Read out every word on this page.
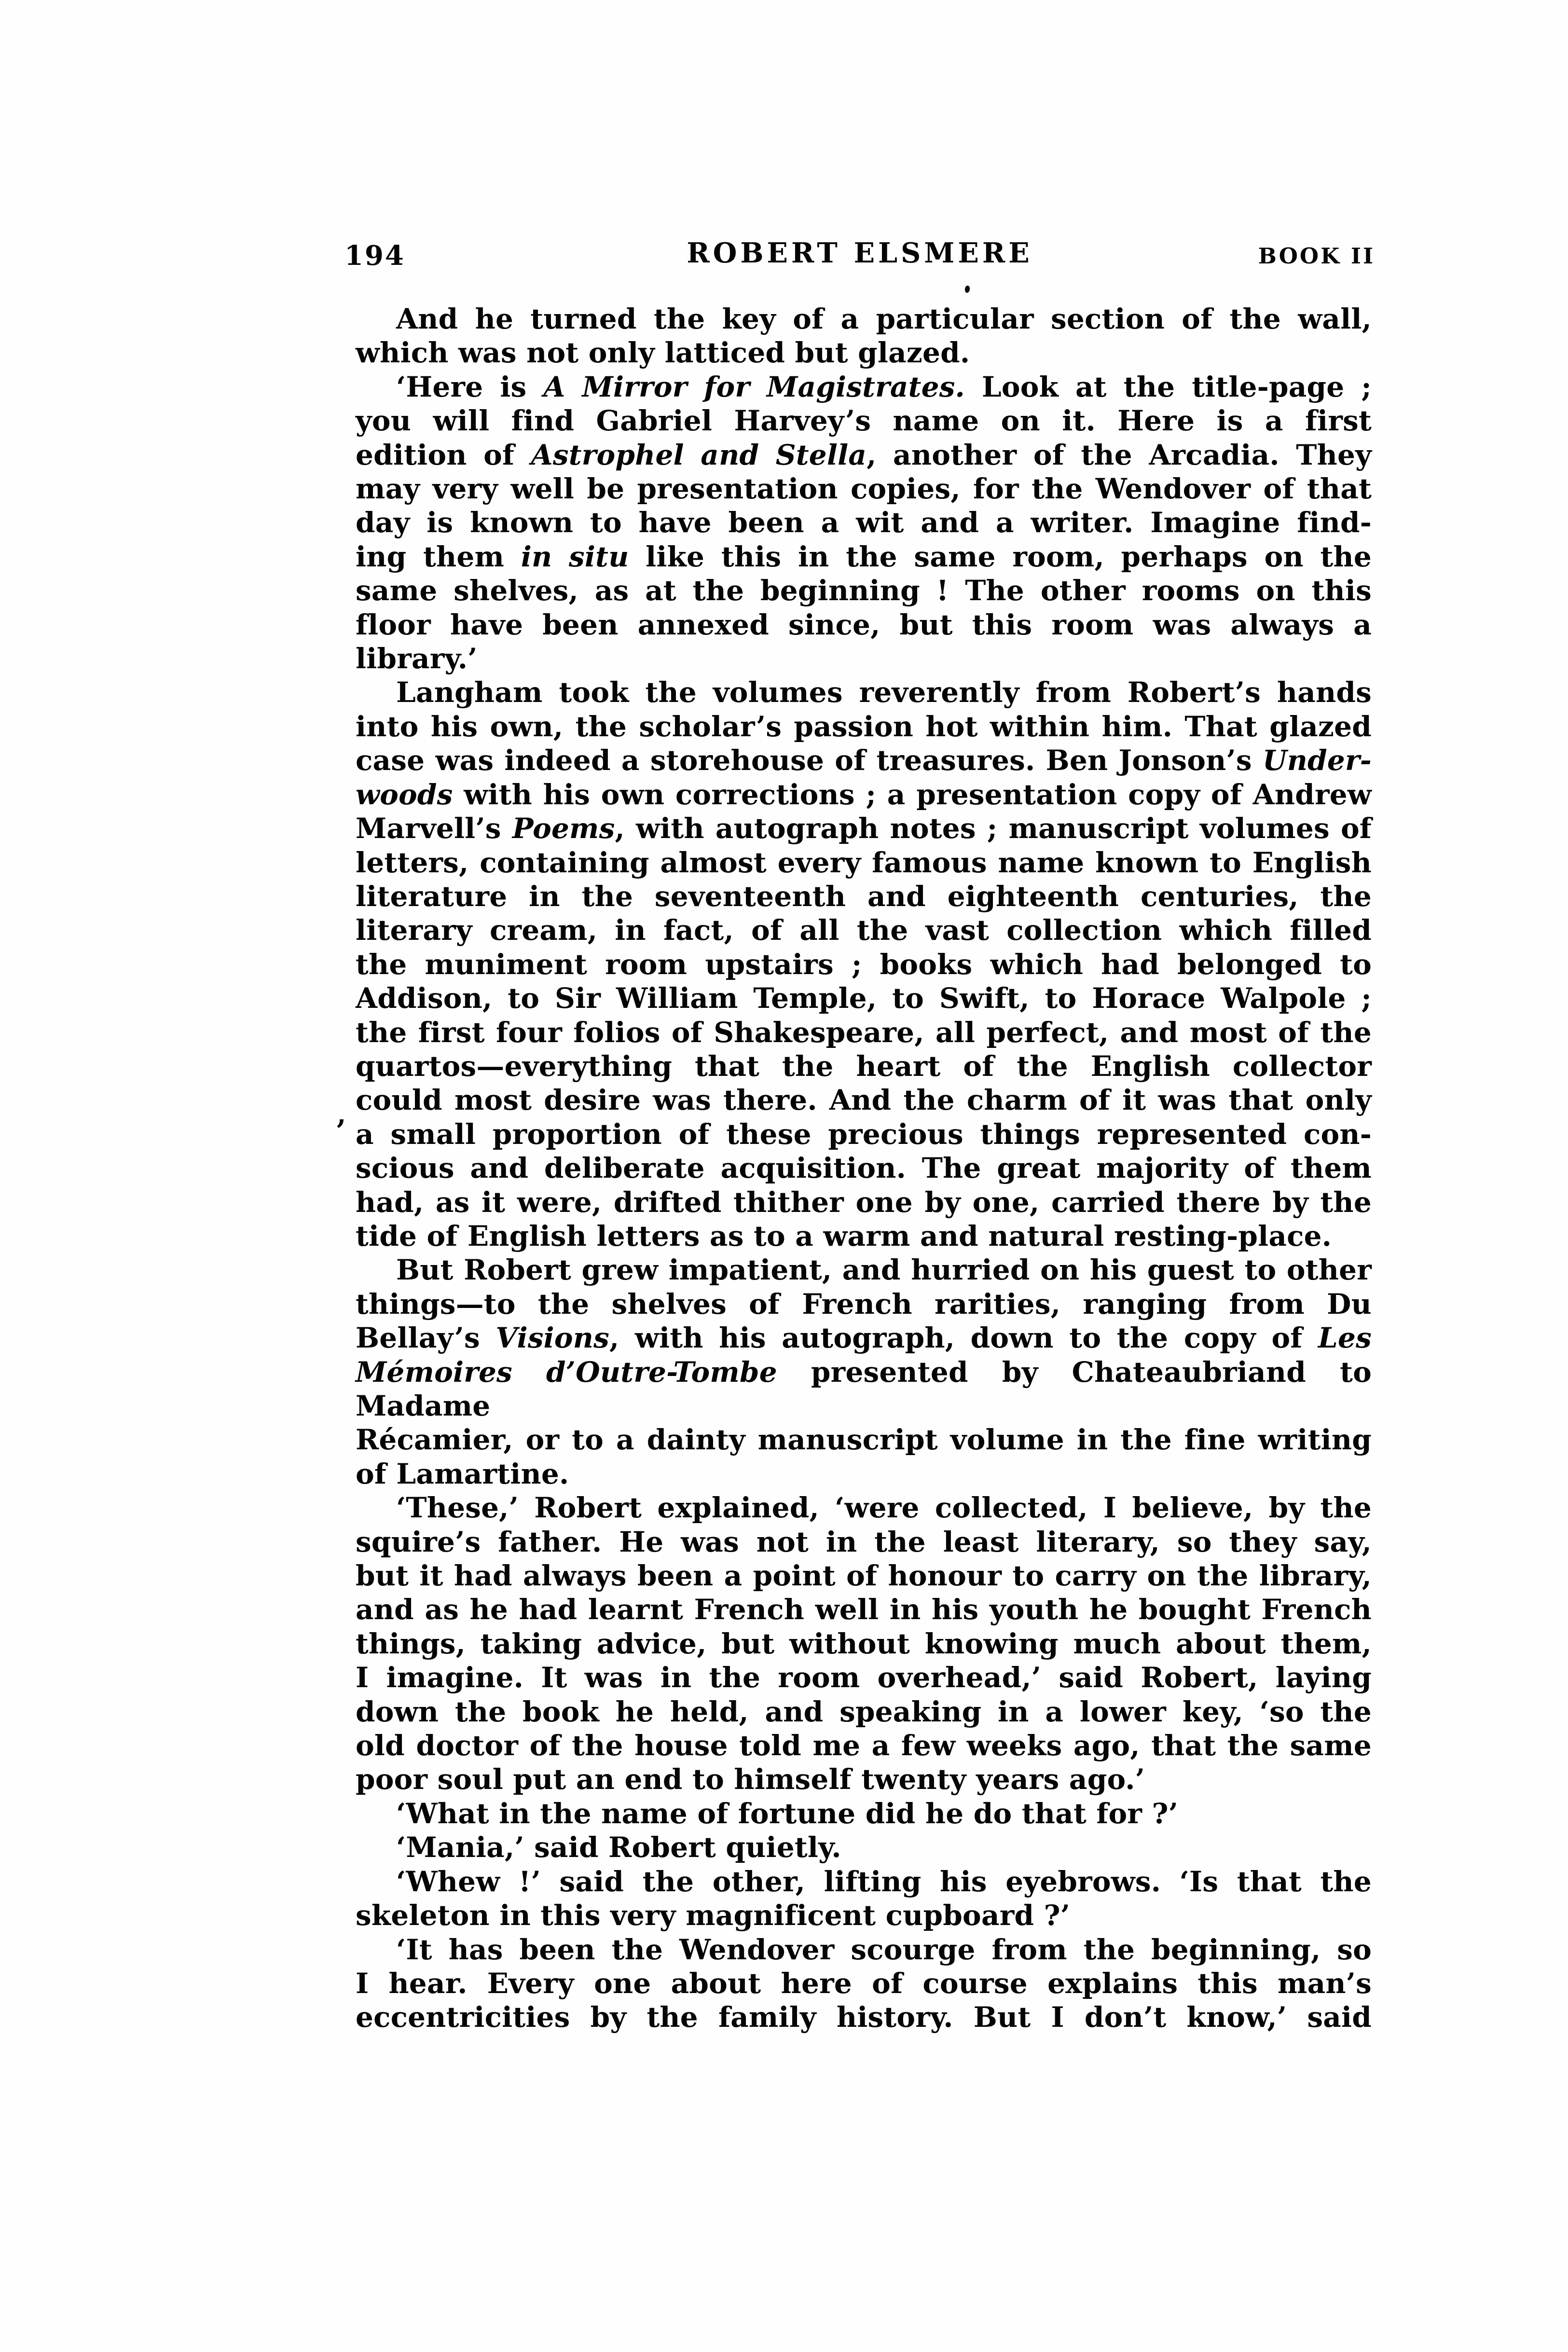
194	ROBERT ELSMERE	BOOK II
,
And he turned the key of a particular section of the wall,
which was not only latticed but glazed.
‘Here is A Mirror for Magistrates. Look at the title-page ;
you will find Gabriel Harvey’s name on it. Here is a first
edition of Astrophel and Stella, another of the Arcadia. They
may very well be presentation copies, for the Wendover of that
day is known to have been a wit and a writer. Imagine find-
ing them in situ like this in the same room, perhaps on the
same shelves, as at the beginning ! The other rooms on this
floor have been annexed since, but this room was always a
library.’
Langham took the volumes reverently from Robert’s hands
into his own, the scholar’s passion hot within him. That glazed
case was indeed a storehouse of treasures. Ben Jonson’s Under-
woods with his own corrections ; a presentation copy of Andrew
Marvell’s Poems, with autograph notes ; manuscript volumes of
letters, containing almost every famous name known to English
literature in the seventeenth and eighteenth centuries, the
literary cream, in fact, of all the vast collection which filled
the muniment room upstairs ; books which had belonged to
Addison, to Sir William Temple, to Swift, to Horace Walpole ;
the first four folios of Shakespeare, all perfect, and most of the
quartos—everything that the heart of the English collector
could most desire was there. And the charm of it was that only
a small proportion of these precious things represented con-
scious and deliberate acquisition. The great majority of them
had, as it were, drifted thither one by one, carried there by the
tide of English letters as to a warm and natural resting-place.
But Robert grew impatient, and hurried on his guest to other
things—to the shelves of French rarities, ranging from Du
Bellay’s Visions, with his autograph, down to the copy of Les
Mémoires d’Outre-Tombe presented by Chateaubriand to Madame
Récamier, or to a dainty manuscript volume in the fine writing
of Lamartine.
‘These,’ Robert explained, ‘were collected, I believe, by the
squire’s father. He was not in the least literary, so they say,
but it had always been a point of honour to carry on the library,
and as he had learnt French well in his youth he bought French
things, taking advice, but without knowing much about them,
I imagine. It was in the room overhead,’ said Robert, laying
down the book he held, and speaking in a lower key, ‘so the
old doctor of the house told me a few weeks ago, that the same
poor soul put an end to himself twenty years ago.’
‘What in the name of fortune did he do that for ?’
‘Mania,’ said Robert quietly.
‘Whew !’ said the other, lifting his eyebrows. ‘Is that the
skeleton in this very magnificent cupboard ?’
‘It has been the Wendover scourge from the beginning, so
I hear. Every one about here of course explains this man’s
eccentricities by the family history. But I don’t know,’ said
